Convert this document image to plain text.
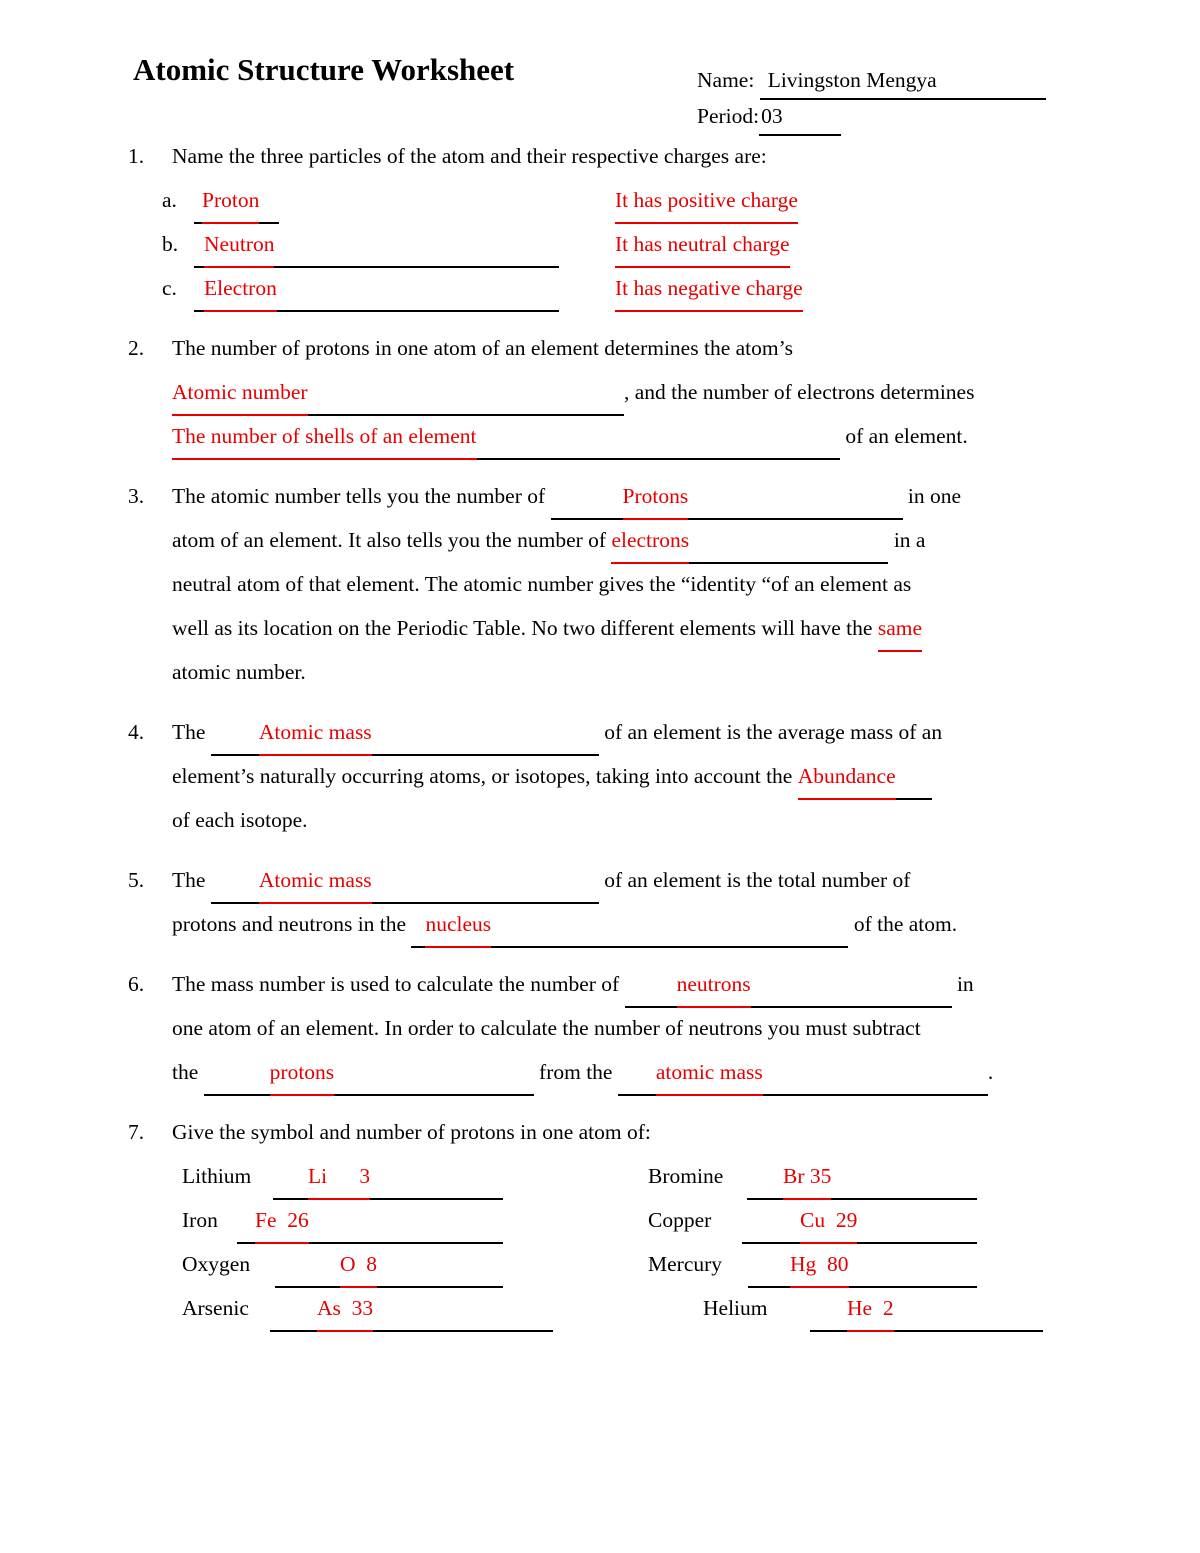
Atomic Structure Worksheet	Name: Livingston Mengya
Period:03
1.	Name the three particles of the atom and their respective charges are:
a. Proton	It has positive charge
b. Neutron	It has neutral charge
c. Electron	It has negative charge
2.	The number of protons in one atom of an element determines the atom’s
Atomic number	, and the number of electrons determines
The number of shells of an element	of an element.
3.	The atomic number tells you the number of	Protons	in one
atom of an element. It also tells you the number of electrons	in a
neutral atom of that element. The atomic number gives the “identity “of an element as
well as its location on the Periodic Table. No two different elements will have the same
atomic number.
4.	The Atomic mass	of an element is the average mass of an
element’s naturally occurring atoms, or isotopes, taking into account the Abundance
of each isotope.
5.	The Atomic mass	of an element is the total number of
protons and neutrons in the nucleus	of the atom.
6.	The mass number is used to calculate the number of	neutrons	in
one atom of an element. In order to calculate the number of neutrons you must subtract
the	protons	from the atomic mass	.
7.	Give the symbol and number of protons in one atom of:
Lithium	Li      3	Bromine	Br 35
Iron Fe  26	Copper	Cu  29
Oxygen	O  8	Mercury	Hg  80
Arsenic	As  33	Helium	He  2
